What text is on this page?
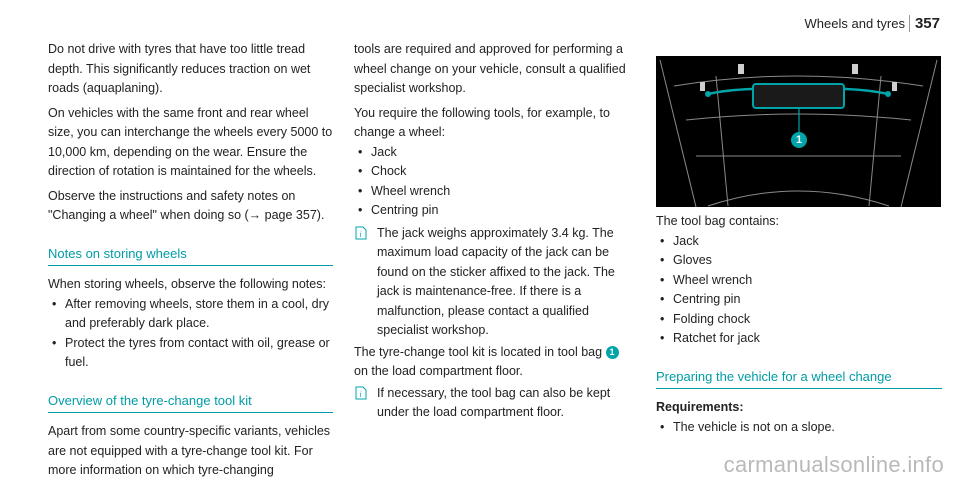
Wheels and tyres 357

Do not drive with tyres that have too little tread depth. This significantly reduces traction on wet roads (aquaplaning).

On vehicles with the same front and rear wheel size, you can interchange the wheels every 5000 to 10,000 km, depending on the wear. Ensure the direction of rotation is maintained for the wheels.

Observe the instructions and safety notes on "Changing a wheel" when doing so (→ page 357).

Notes on storing wheels

When storing wheels, observe the following notes:

• After removing wheels, store them in a cool, dry and preferably dark place.
• Protect the tyres from contact with oil, grease or fuel.
Overview of the tyre-change tool kit

Apart from some country-specific variants, vehicles are not equipped with a tyre-change tool kit. For more information on which tyre-changing

tools are required and approved for performing a wheel change on your vehicle, consult a qualified specialist workshop.

You require the following tools, for example, to change a wheel:

• Jack
• Chock
• Wheel wrench
• Centring pin
i The jack weighs approximately 3.4 kg. The maximum load capacity of the jack can be found on the sticker affixed to the jack. The jack is maintenance-free. If there is a malfunction, please contact a qualified specialist workshop.

The tyre-change tool kit is located in tool bag 1 on the load compartment floor.

i If necessary, the tool bag can also be kept under the load compartment floor.
1

The tool bag contains:

• Jack
• Gloves
• Wheel wrench
• Centring pin
• Folding chock
• Ratchet for jack
Preparing the vehicle for a wheel change

Requirements:

• The vehicle is not on a slope.
carmanualsonline.info
